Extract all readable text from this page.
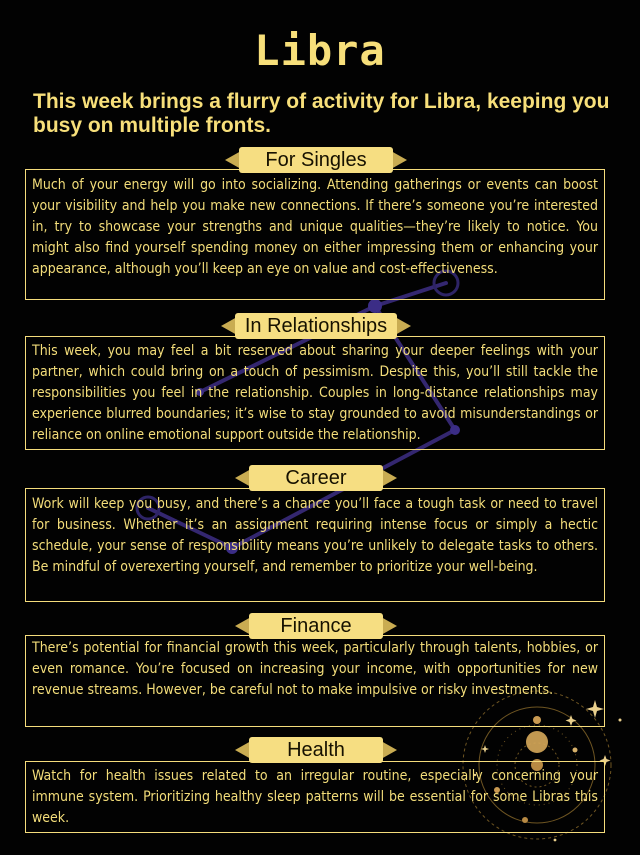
Libra
This week brings a flurry of activity for Libra, keeping you busy on multiple fronts.

Much of your energy will go into socializing. Attending gatherings or events can boost your visibility and help you make new connections. If there’s someone you’re interested in, try to showcase your strengths and unique qualities—they’re likely to notice. You might also find yourself spending money on either impressing them or enhancing your appearance, although you’ll keep an eye on value and cost-effectiveness.

For Singles

This week, you may feel a bit reserved about sharing your deeper feelings with your partner, which could bring on a touch of pessimism. Despite this, you’ll still tackle the responsibilities you feel in the relationship. Couples in long-distance relationships may experience blurred boundaries; it’s wise to stay grounded to avoid misunderstandings or reliance on online emotional support outside the relationship.

In Relationships

Work will keep you busy, and there’s a chance you’ll face a tough task or need to travel for business. Whether it’s an assignment requiring intense focus or simply a hectic schedule, your sense of responsibility means you’re unlikely to delegate tasks to others. Be mindful of overexerting yourself, and remember to prioritize your well-being.

Career

There’s potential for financial growth this week, particularly through talents, hobbies, or even romance. You’re focused on increasing your income, with opportunities for new revenue streams. However, be careful not to make impulsive or risky investments.

Finance

Watch for health issues related to an irregular routine, especially concerning your immune system. Prioritizing healthy sleep patterns will be essential for some Libras this week.

Health
